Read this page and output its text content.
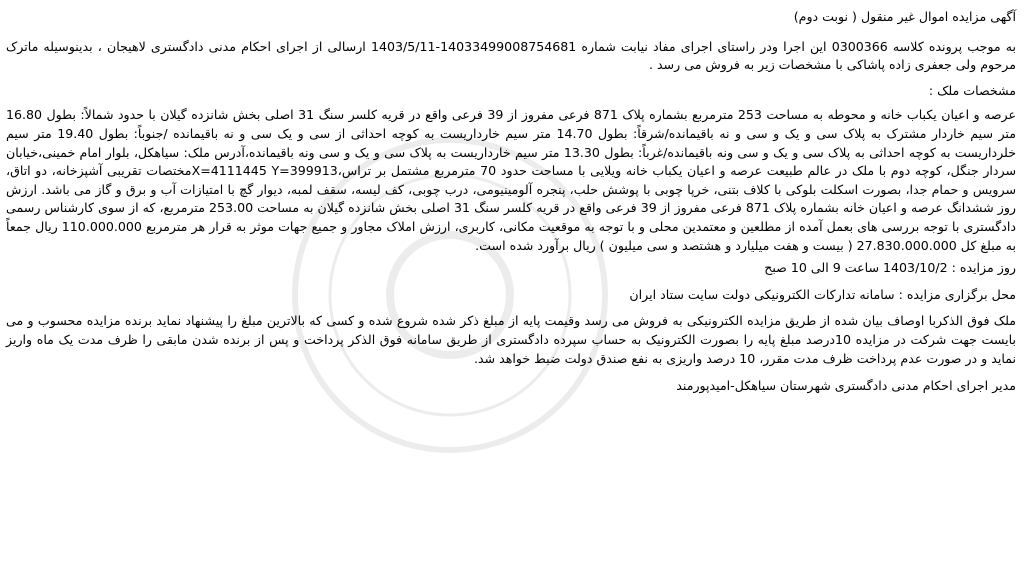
آگهی مزایده اموال غیر منقول ( نوبت دوم)

به موجب پرونده کلاسه 0300366 این اجرا ودر راستای اجرای مفاد نیابت شماره 14033499008754681-1403/5/11 ارسالی از اجرای احکام مدنی دادگستری لاهیجان ، بدینوسیله ماترک مرحوم ولی جعفری زاده پاشاکی با مشخصات زیر به فروش می رسد .

مشخصات ملک :

عرصه و اعیان یکباب خانه و محوطه به مساحت 253 مترمربع بشماره پلاک 871 فرعی مفروز از 39 فرعی واقع در قریه کلسر سنگ 31 اصلی بخش شانزده گیلان با حدود شمالاً: بطول 16.80 متر سیم خاردار مشترک به پلاک سی و یک و سی و نه باقیمانده/شرقاً: بطول 14.70 متر سیم خارداریست به کوچه احداثی از سی و یک سی و نه باقیمانده /جنوباً: بطول 19.40 متر سیم خلرداریست به کوچه احداثی به پلاک سی و یک و سی ونه باقیمانده/غرباً: بطول 13.30 متر سیم خارداریست به پلاک سی و یک و سی ونه باقیمانده،آدرس ملک: سیاهکل، بلوار امام خمینی،خیابان سردار جنگل، کوچه دوم با ملک در عالم طبیعت عرصه و اعیان یکباب خانه ویلایی با مساحت حدود 70 مترمربع مشتمل بر تراس،X=4111445 Y=399913مختصات تقریبی آشپزخانه، دو اتاق، سرویس و حمام جدا، بصورت اسکلت بلوکی با کلاف بتنی، خرپا چوبی با پوشش حلب، پنجره آلومینیومی، درب چوبی، کف لیسه، سقف لمبه، دیوار گچ با امتیازات آب و برق و گاز می باشد. ارزش روز ششدانگ عرصه و اعیان خانه بشماره پلاک 871 فرعی مفروز از 39 فرعی واقع در قریه کلسر سنگ 31 اصلی بخش شانزده گیلان به مساحت 253.00 مترمربع، که از سوی کارشناس رسمی دادگستری با توجه بررسی های بعمل آمده از مطلعین و معتمدین محلی و با توجه به موقعیت مکانی، کاربری، ارزش املاک مجاور و جمیع جهات موثر به قرار هر مترمربع 110.000.000 ریال جمعاً به مبلغ کل 27.830.000.000 ( بیست و هفت میلیارد و هشتصد و سی میلیون ) ریال برآورد شده است.

روز مزایده : 1403/10/2 ساعت 9 الی 10 صبح

محل برگزاری مزایده : سامانه تدارکات الکترونیکی دولت سایت ستاد ایران

ملک فوق الذکربا اوصاف بیان شده از طریق مزایده الکترونیکی به فروش می رسد وقیمت پایه از مبلغ ذکر شده شروع شده و کسی که بالاترین مبلغ را پیشنهاد نماید برنده مزایده محسوب و می بایست جهت شرکت در مزایده 10درصد مبلغ پایه را بصورت الکترونیک به حساب سپرده دادگستری از طریق سامانه فوق الذکر پرداخت و پس از برنده شدن مابقی را ظرف مدت یک ماه واریز نماید و در صورت عدم پرداخت ظرف مدت مقرر، 10 درصد واریزی به نفع صندق دولت ضبط خواهد شد.

مدیر اجرای احکام مدنی دادگستری شهرستان سیاهکل-امیدپورمند
